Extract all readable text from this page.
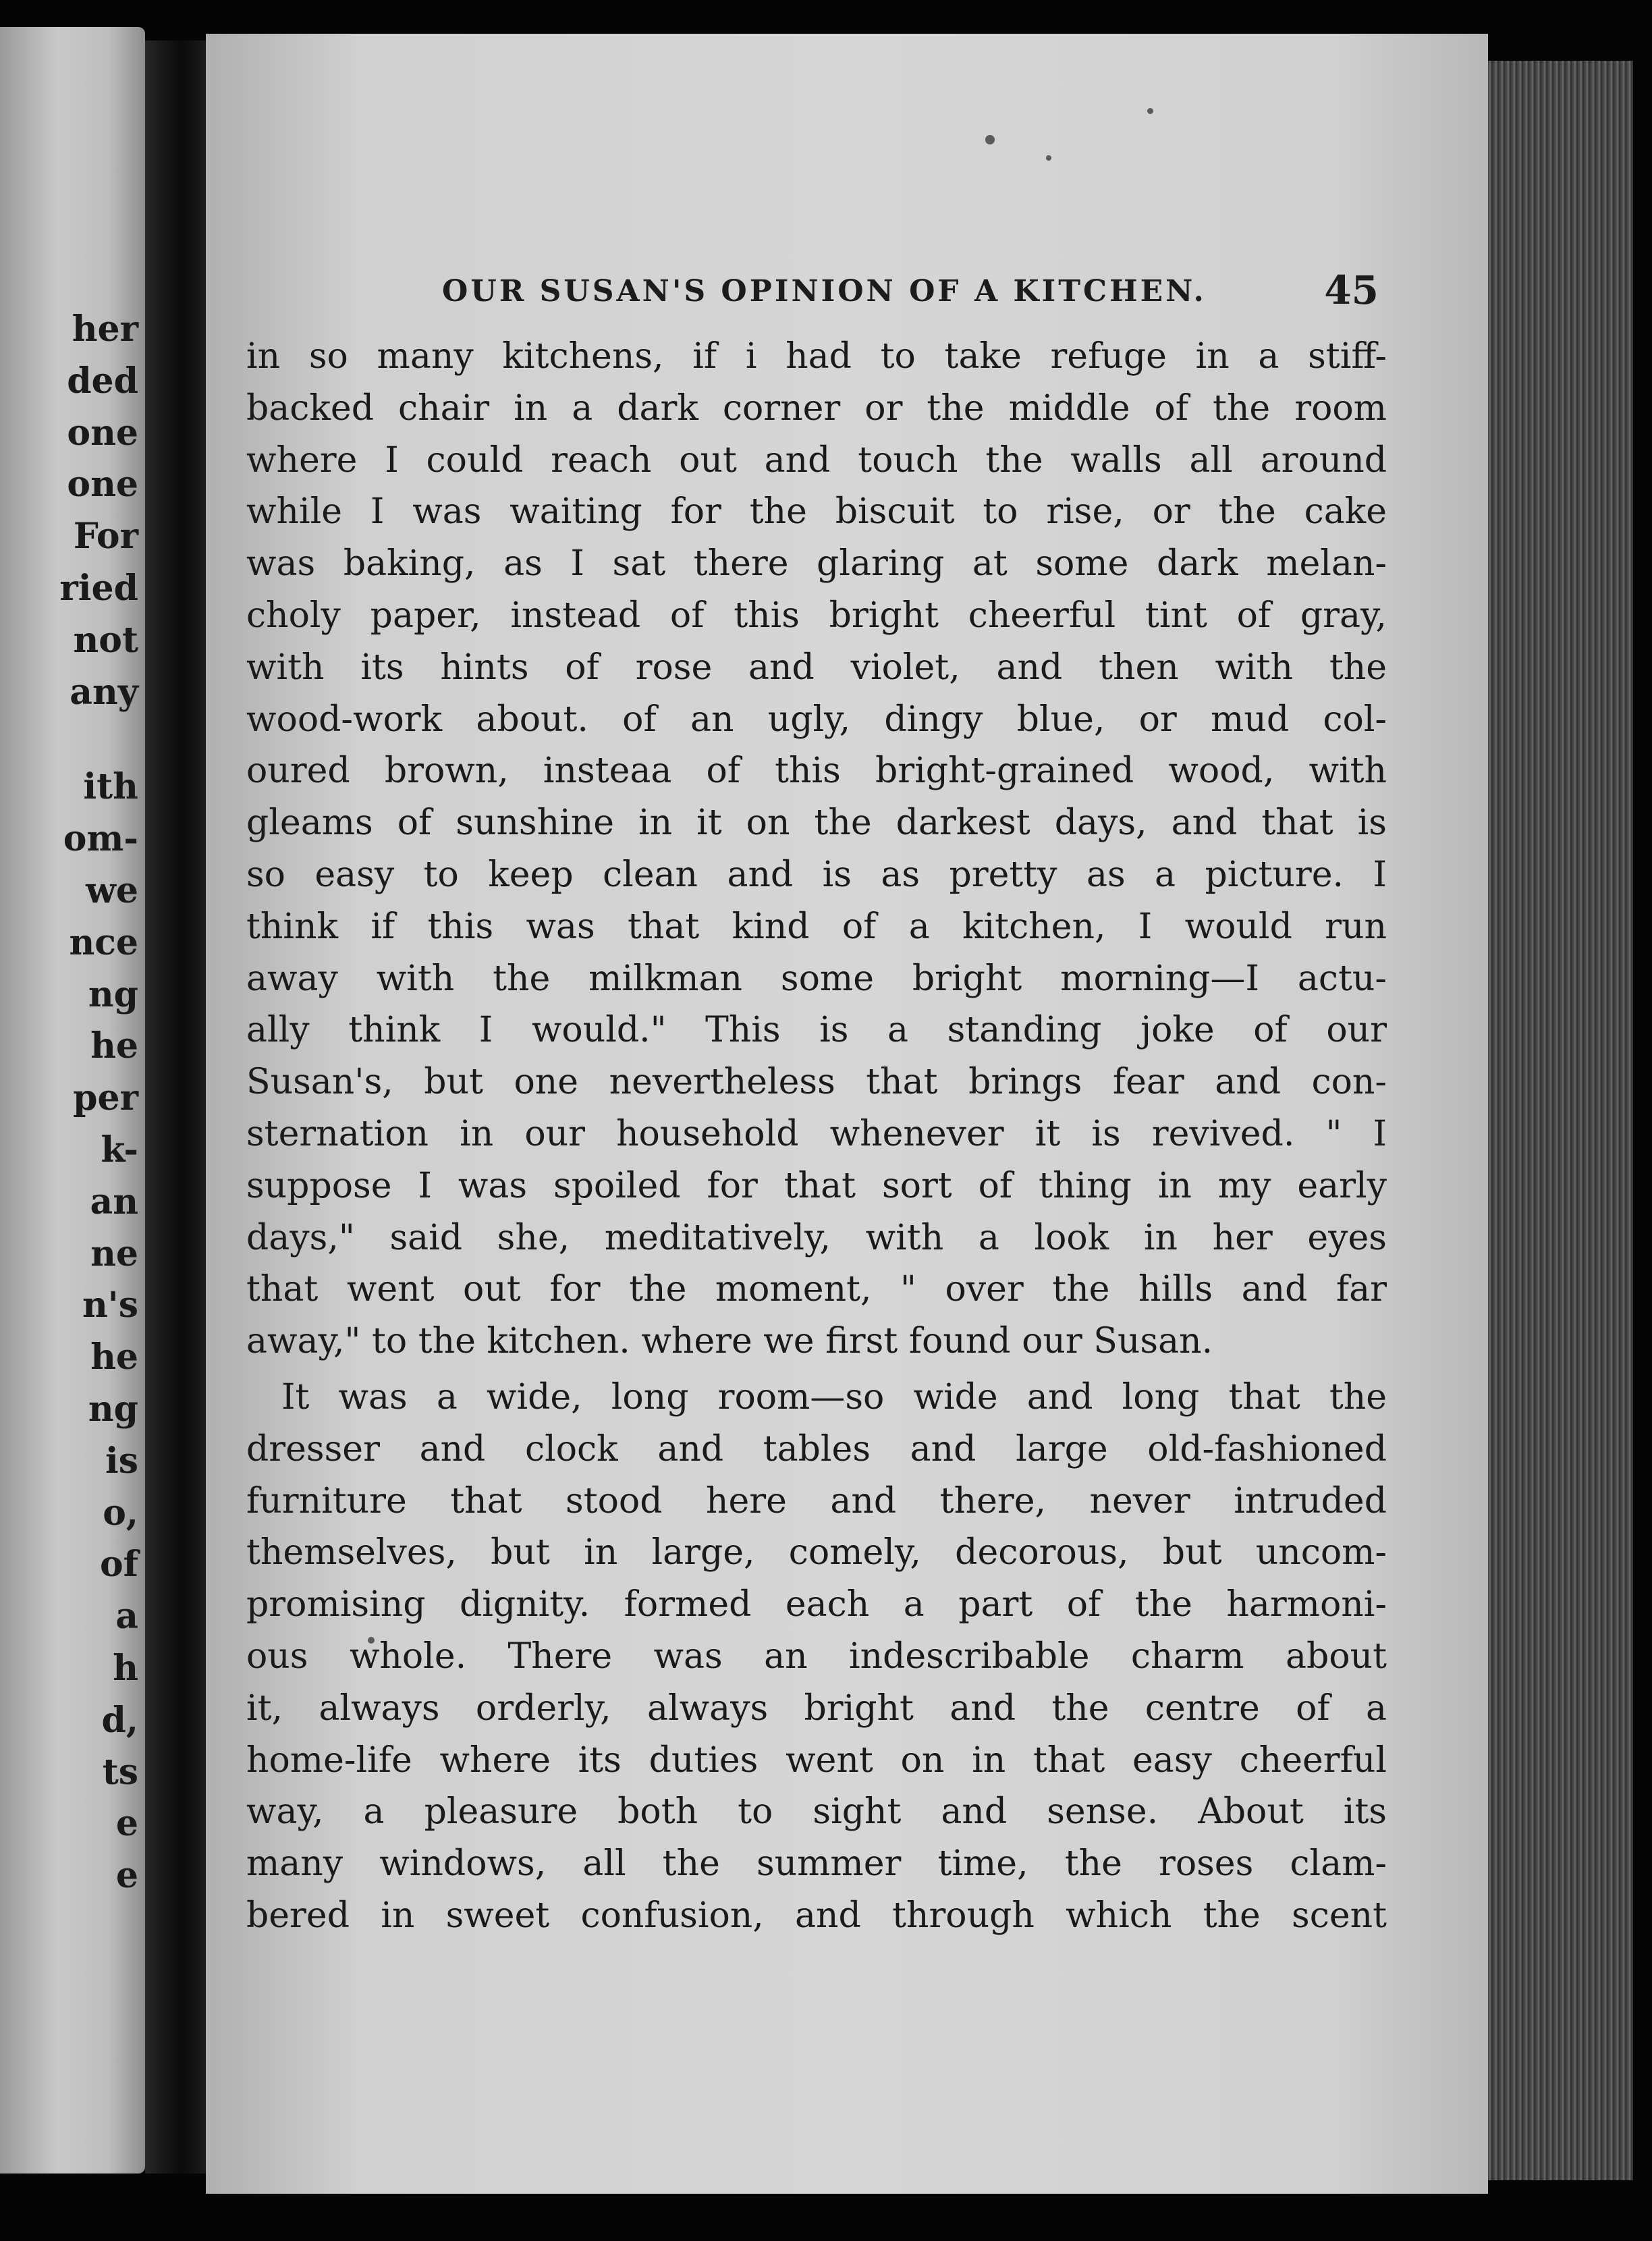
her
ded
one
one
For
ried
not
any
ith
om-
we
nce
ng
he
per
k-
an
ne
n's
he
ng
is
o,
of
a
h
d,
ts
e
e
OUR SUSAN'S OPINION OF A KITCHEN.	45
in so many kitchens, if i had to take refuge in a stiff-
backed chair in a dark corner or the middle of the room
where I could reach out and touch the walls all around
while I was waiting for the biscuit to rise, or the cake
was baking, as I sat there glaring at some dark melan-
choly paper, instead of this bright cheerful tint of gray,
with its hints of rose and violet, and then with the
wood-work about. of an ugly, dingy blue, or mud col-
oured brown, insteaa of this bright-grained wood, with
gleams of sunshine in it on the darkest days, and that is
so easy to keep clean and is as pretty as a picture. I
think if this was that kind of a kitchen, I would run
away with the milkman some bright morning—I actu-
ally think I would." This is a standing joke of our
Susan's, but one nevertheless that brings fear and con-
sternation in our household whenever it is revived. " I
suppose I was spoiled for that sort of thing in my early
days," said she, meditatively, with a look in her eyes
that went out for the moment, " over the hills and far
away," to the kitchen. where we first found our Susan.
It was a wide, long room—so wide and long that the
dresser and clock and tables and large old-fashioned
furniture that stood here and there, never intruded
themselves, but in large, comely, decorous, but uncom-
promising dignity. formed each a part of the harmoni-
ous whole. There was an indescribable charm about
it, always orderly, always bright and the centre of a
home-life where its duties went on in that easy cheerful
way, a pleasure both to sight and sense. About its
many windows, all the summer time, the roses clam-
bered in sweet confusion, and through which the scent
